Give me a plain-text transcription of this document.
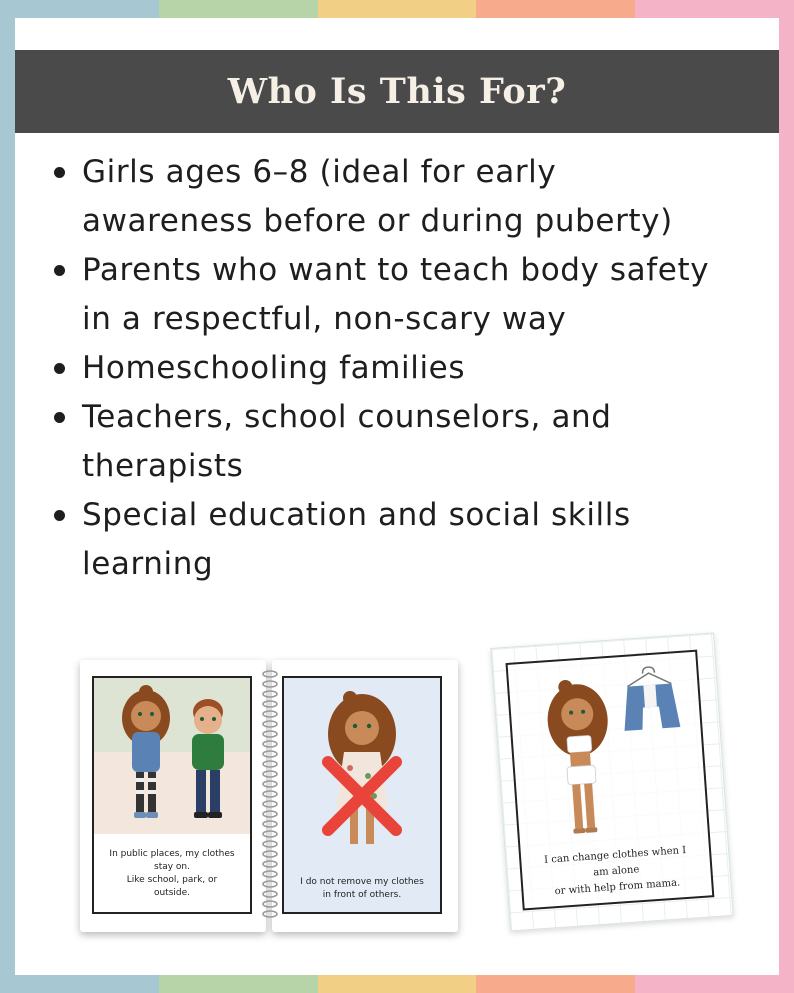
Who Is This For?
Girls ages 6–8 (ideal for early
awareness before or during puberty)
Parents who want to teach body safety
in a respectful, non-scary way
Homeschooling families
Teachers, school counselors, and
therapists
Special education and social skills
learning
In public places, my clothes
stay on.
Like school, park, or
outside.
I do not remove my clothes
in front of others.
I can change clothes when I
am alone
or with help from mama.
